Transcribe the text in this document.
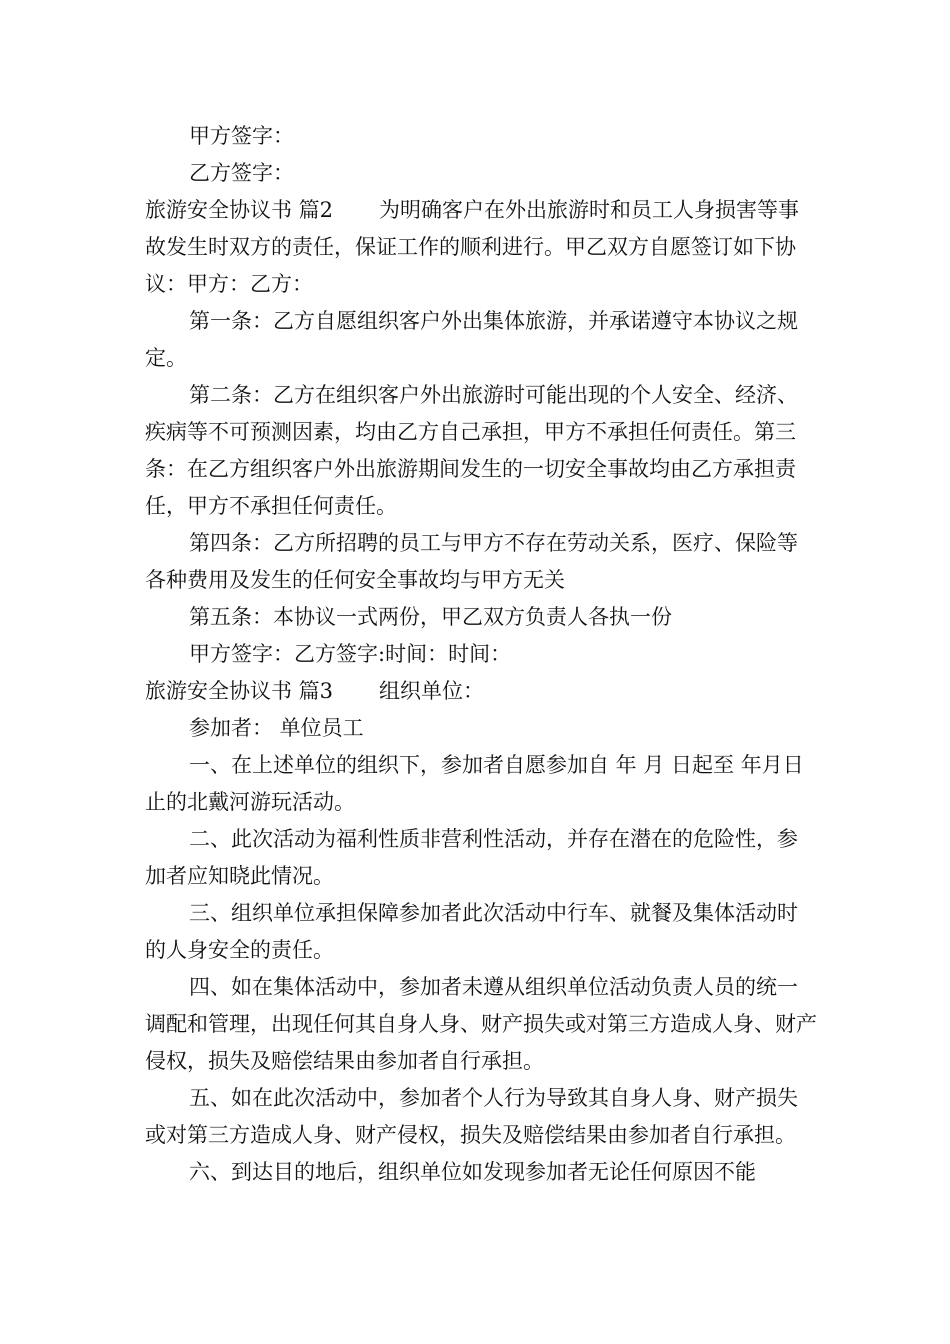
甲方签字：

乙方签字：

旅游安全协议书 篇2 为明确客户在外出旅游时和员工人身损害等事故发生时双方的责任，保证工作的顺利进行。甲乙双方自愿签订如下协议：甲方：乙方：

第一条：乙方自愿组织客户外出集体旅游，并承诺遵守本协议之规定。

第二条：乙方在组织客户外出旅游时可能出现的个人安全、经济、疾病等不可预测因素，均由乙方自己承担，甲方不承担任何责任。第三条：在乙方组织客户外出旅游期间发生的一切安全事故均由乙方承担责任，甲方不承担任何责任。

第四条：乙方所招聘的员工与甲方不存在劳动关系，医疗、保险等各种费用及发生的任何安全事故均与甲方无关

第五条：本协议一式两份，甲乙双方负责人各执一份

甲方签字：乙方签字:时间：时间：

旅游安全协议书 篇3 组织单位：

参加者： 单位员工

一、在上述单位的组织下，参加者自愿参加自 年 月 日起至 年月日止的北戴河游玩活动。

二、此次活动为福利性质非营利性活动，并存在潜在的危险性，参加者应知晓此情况。

三、组织单位承担保障参加者此次活动中行车、就餐及集体活动时的人身安全的责任。

四、如在集体活动中，参加者未遵从组织单位活动负责人员的统一调配和管理，出现任何其自身人身、财产损失或对第三方造成人身、财产侵权，损失及赔偿结果由参加者自行承担。

五、如在此次活动中，参加者个人行为导致其自身人身、财产损失或对第三方造成人身、财产侵权，损失及赔偿结果由参加者自行承担。

六、到达目的地后，组织单位如发现参加者无论任何原因不能
